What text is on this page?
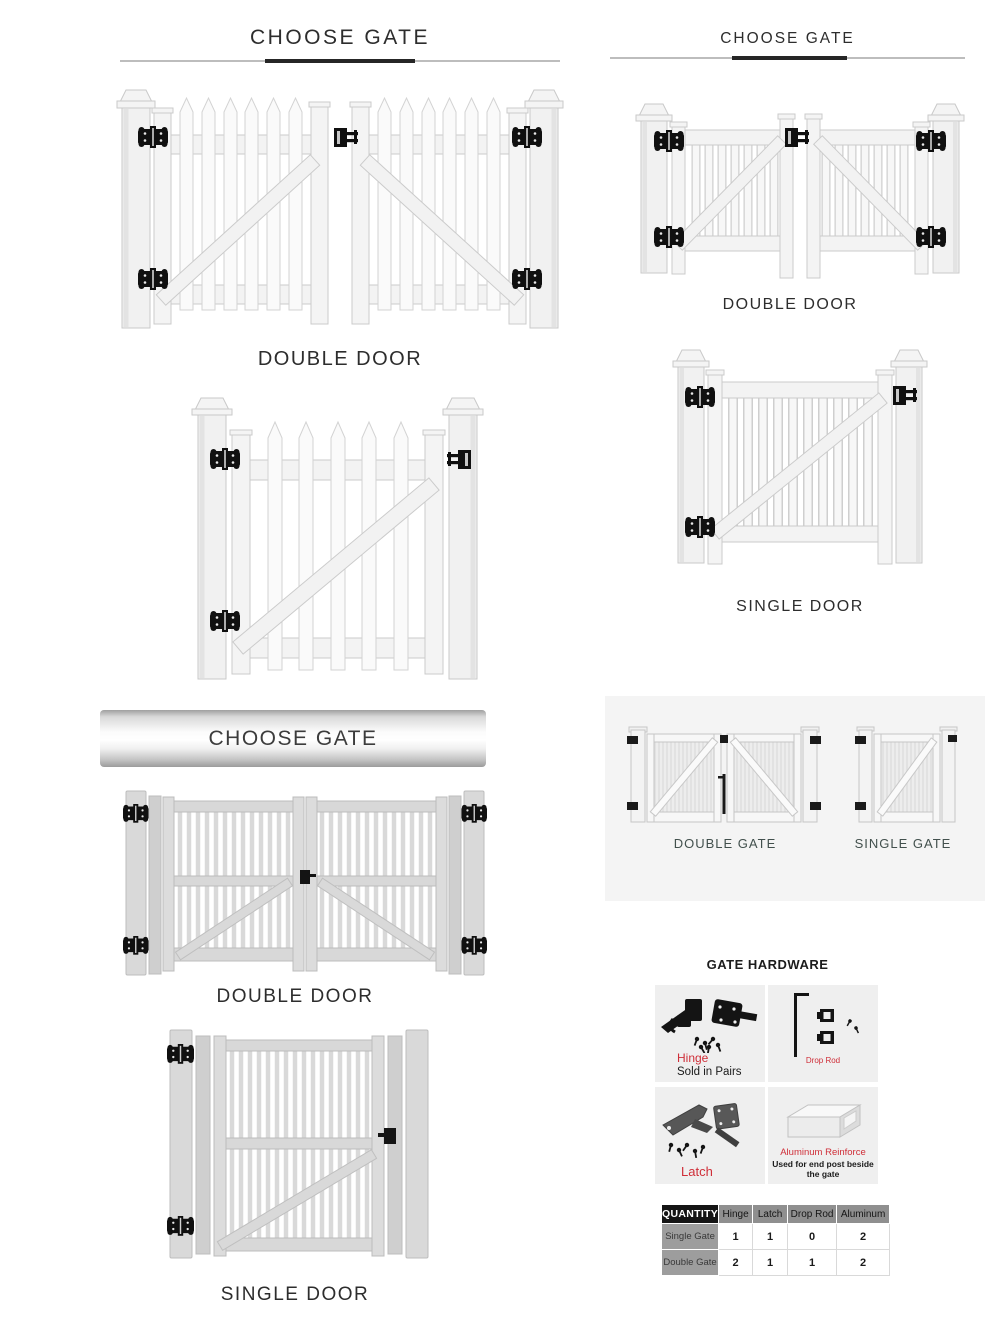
CHOOSE GATE
DOUBLE DOOR
CHOOSE GATE
DOUBLE DOOR
SINGLE DOOR
CHOOSE GATE
DOUBLE DOOR
SINGLE DOOR
DOUBLE GATE	SINGLE GATE
GATE HARDWARE
Hinge
Sold in Pairs
Drop Rod
Latch
Aluminum Reinforce
Used for end post beside the gate
QUANTITY	Hinge	Latch	Drop Rod	Aluminum
Single Gate	1	1	0	2
Double Gate	2	1	1	2
